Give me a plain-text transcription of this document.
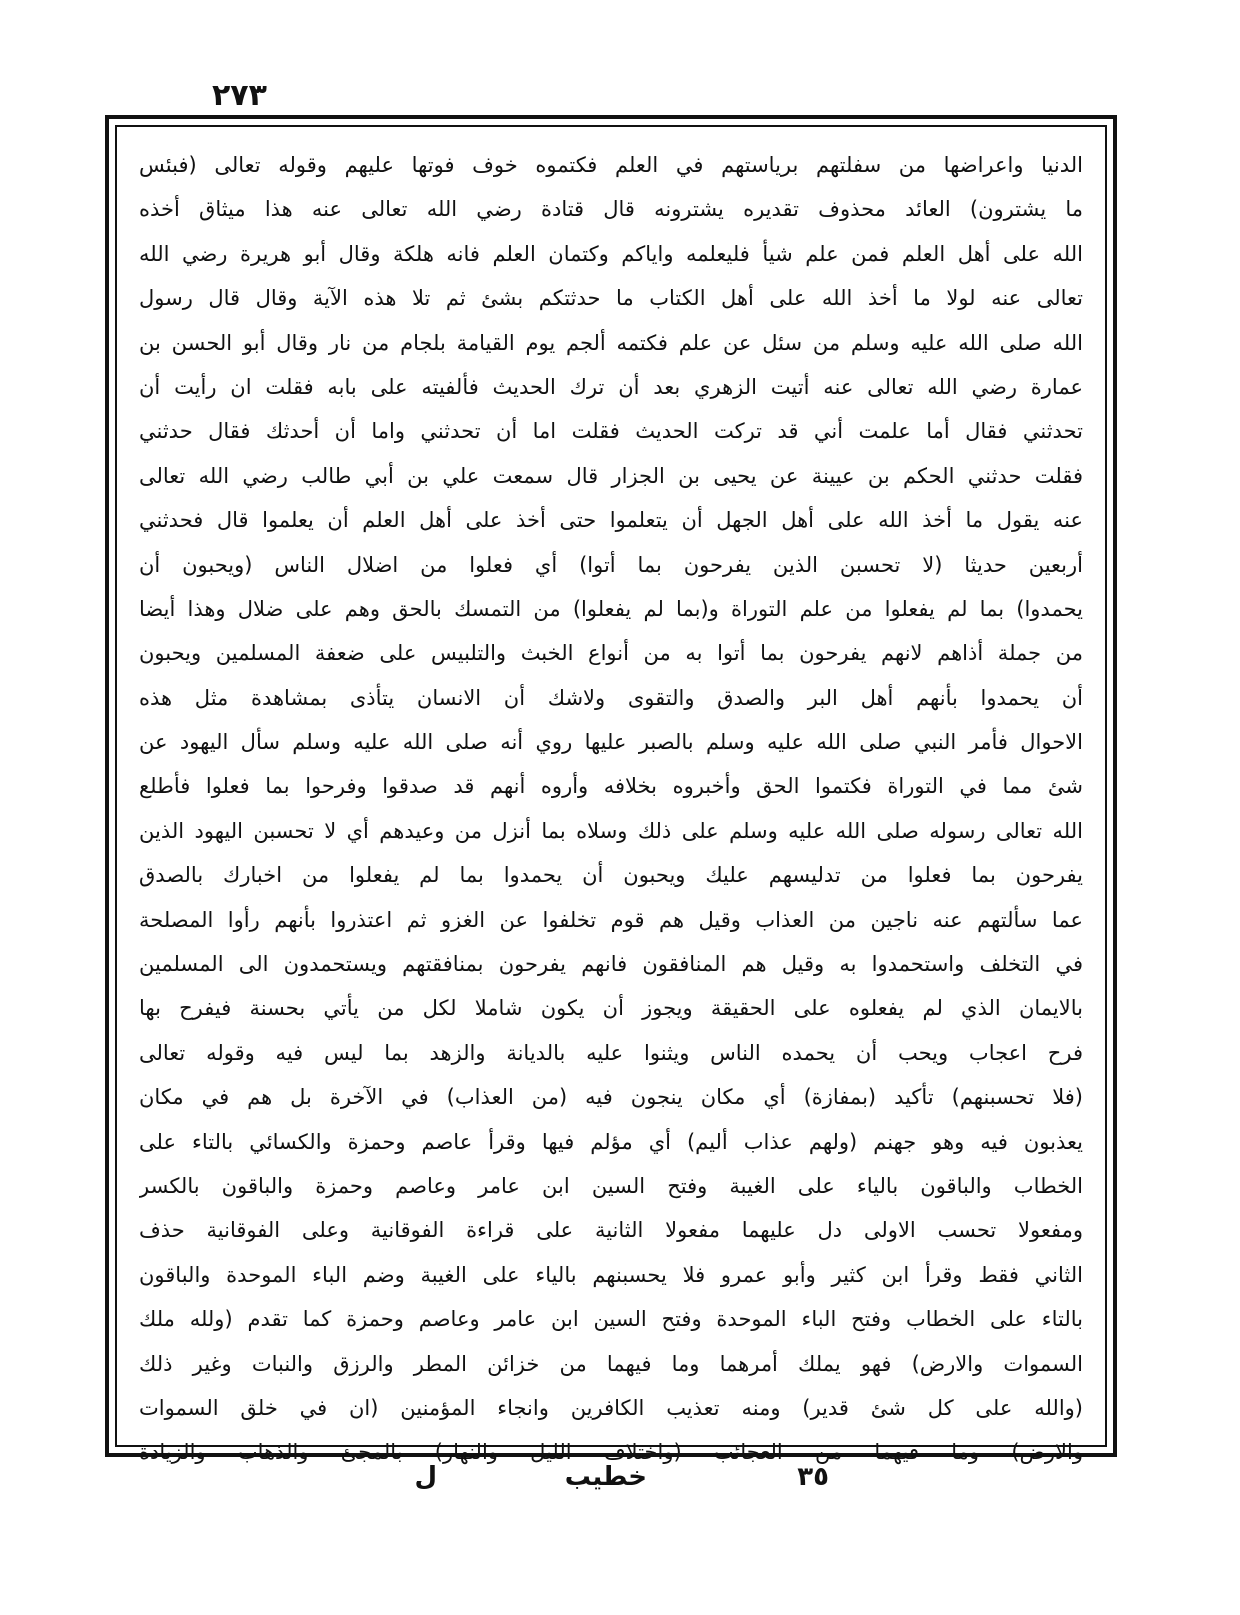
٢٧٣
الدنيا واعراضها من سفلتهم برياستهم في العلم فكتموه خوف فوتها عليهم وقوله تعالى (فبئس
ما يشترون) العائد محذوف تقديره يشترونه قال قتادة رضي الله تعالى عنه هذا ميثاق أخذه
الله على أهل العلم فمن علم شيأ فليعلمه واياكم وكتمان العلم فانه هلكة وقال أبو هريرة رضي الله
تعالى عنه لولا ما أخذ الله على أهل الكتاب ما حدثتكم بشئ ثم تلا هذه الآية وقال قال رسول
الله صلى الله عليه وسلم من سئل عن علم فكتمه ألجم يوم القيامة بلجام من نار وقال أبو الحسن بن
عمارة رضي الله تعالى عنه أتيت الزهري بعد أن ترك الحديث فألفيته على بابه فقلت ان رأيت أن
تحدثني فقال أما علمت أني قد تركت الحديث فقلت اما أن تحدثني واما أن أحدثك فقال حدثني
فقلت حدثني الحكم بن عيينة عن يحيى بن الجزار قال سمعت علي بن أبي طالب رضي الله تعالى
عنه يقول ما أخذ الله على أهل الجهل أن يتعلموا حتى أخذ على أهل العلم أن يعلموا قال فحدثني
أربعين حديثا (لا تحسبن الذين يفرحون بما أتوا) أي فعلوا من اضلال الناس (ويحبون أن
يحمدوا) بما لم يفعلوا من علم التوراة و(بما لم يفعلوا) من التمسك بالحق وهم على ضلال وهذا أيضا
من جملة أذاهم لانهم يفرحون بما أتوا به من أنواع الخبث والتلبيس على ضعفة المسلمين ويحبون
أن يحمدوا بأنهم أهل البر والصدق والتقوى ولاشك أن الانسان يتأذى بمشاهدة مثل هذه
الاحوال فأمر النبي صلى الله عليه وسلم بالصبر عليها روي أنه صلى الله عليه وسلم سأل اليهود عن
شئ مما في التوراة فكتموا الحق وأخبروه بخلافه وأروه أنهم قد صدقوا وفرحوا بما فعلوا فأطلع
الله تعالى رسوله صلى الله عليه وسلم على ذلك وسلاه بما أنزل من وعيدهم أي لا تحسبن اليهود الذين
يفرحون بما فعلوا من تدليسهم عليك ويحبون أن يحمدوا بما لم يفعلوا من اخبارك بالصدق
عما سألتهم عنه ناجين من العذاب وقيل هم قوم تخلفوا عن الغزو ثم اعتذروا بأنهم رأوا المصلحة
في التخلف واستحمدوا به وقيل هم المنافقون فانهم يفرحون بمنافقتهم ويستحمدون الى المسلمين
بالايمان الذي لم يفعلوه على الحقيقة ويجوز أن يكون شاملا لكل من يأتي بحسنة فيفرح بها
فرح اعجاب ويحب أن يحمده الناس ويثنوا عليه بالديانة والزهد بما ليس فيه وقوله تعالى
(فلا تحسبنهم) تأكيد (بمفازة) أي مكان ينجون فيه (من العذاب) في الآخرة بل هم في مكان
يعذبون فيه وهو جهنم (ولهم عذاب أليم) أي مؤلم فيها وقرأ عاصم وحمزة والكسائي بالتاء على
الخطاب والباقون بالياء على الغيبة وفتح السين ابن عامر وعاصم وحمزة والباقون بالكسر
ومفعولا تحسب الاولى دل عليهما مفعولا الثانية على قراءة الفوقانية وعلى الفوقانية حذف
الثاني فقط وقرأ ابن كثير وأبو عمرو فلا يحسبنهم بالياء على الغيبة وضم الباء الموحدة والباقون
بالتاء على الخطاب وفتح الباء الموحدة وفتح السين ابن عامر وعاصم وحمزة كما تقدم (ولله ملك
السموات والارض) فهو يملك أمرهما وما فيهما من خزائن المطر والرزق والنبات وغير ذلك
(والله على كل شئ قدير) ومنه تعذيب الكافرين وانجاء المؤمنين (ان في خلق السموات
والارض) وما فيهما من العجائب (واختلاف الليل والنهار) بالمجئ والذهاب والزيادة
٣٥
خطيب
ل
